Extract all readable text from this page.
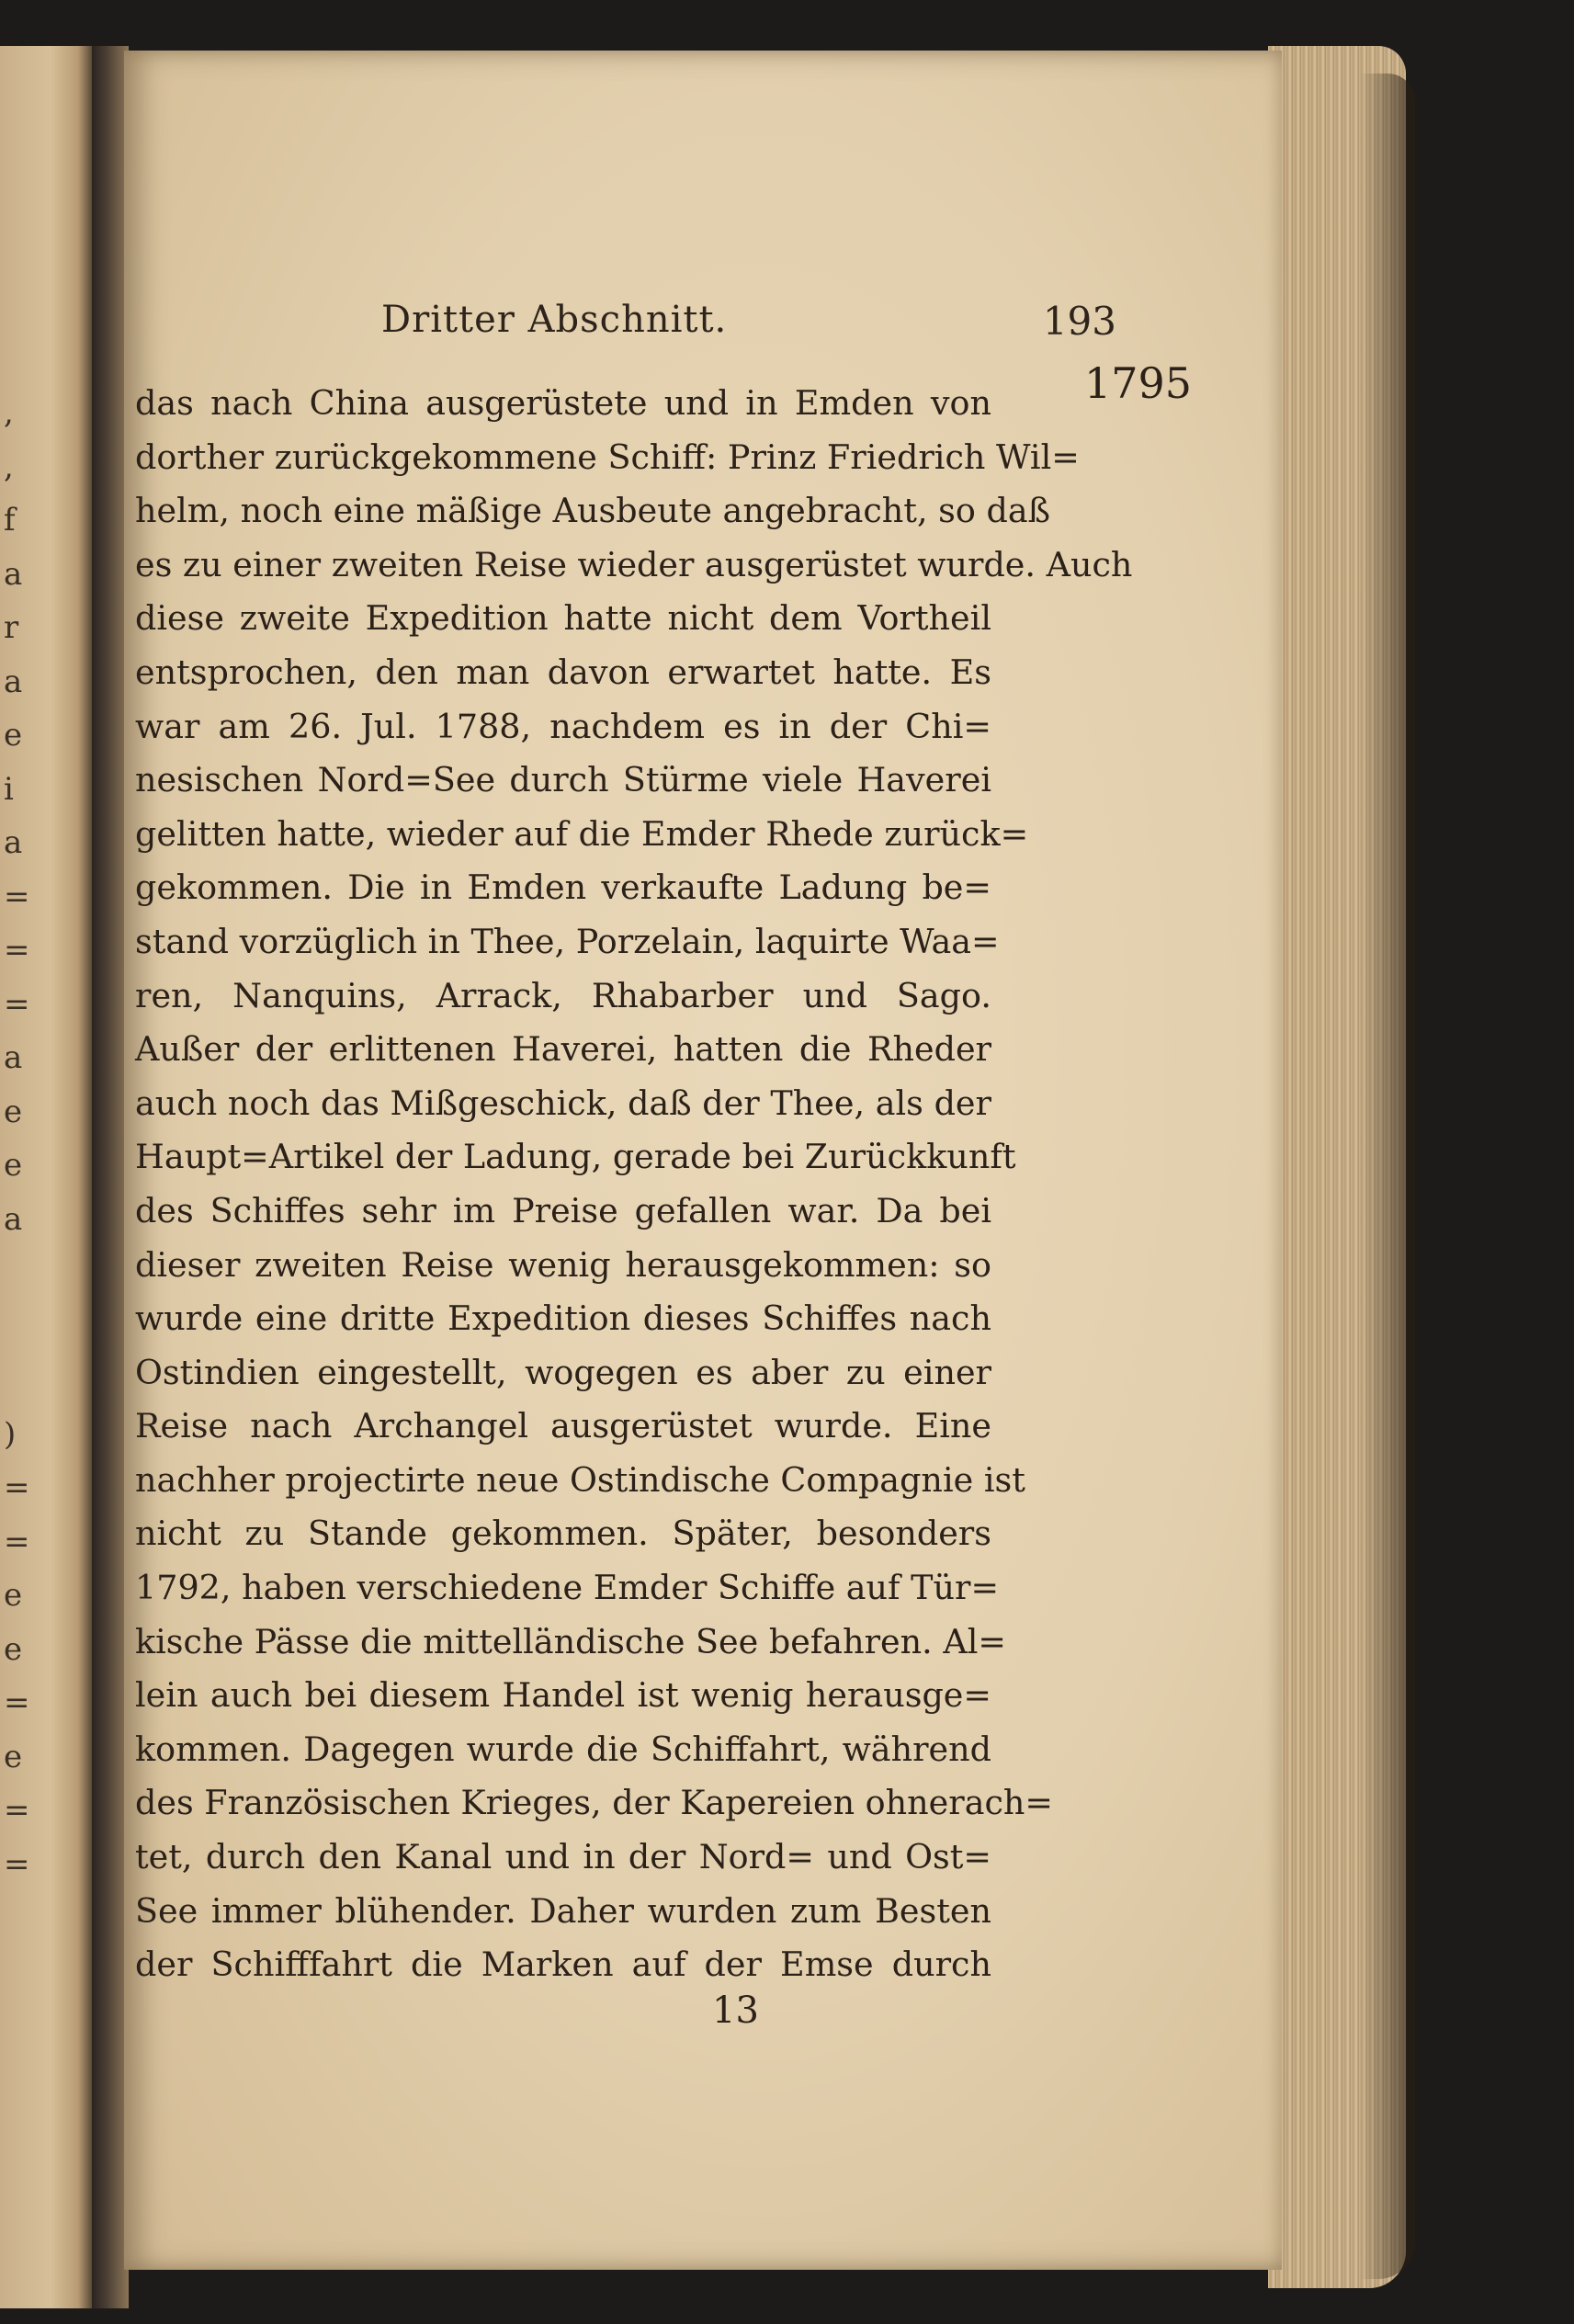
,
,
f
a
r
a
e
i
a
=
=
=
a
e
e
a
)
=
=
e
e
=
e
=
=
Dritter Abschnitt.	193
1795
das nach China ausgerüstete und in Emden von
dorther zurückgekommene Schiff: Prinz Friedrich Wil=
helm, noch eine mäßige Ausbeute angebracht, so daß
es zu einer zweiten Reise wieder ausgerüstet wurde. Auch
diese zweite Expedition hatte nicht dem Vortheil
entsprochen, den man davon erwartet hatte. Es
war am 26. Jul. 1788, nachdem es in der Chi=
nesischen Nord=See durch Stürme viele Haverei
gelitten hatte, wieder auf die Emder Rhede zurück=
gekommen. Die in Emden verkaufte Ladung be=
stand vorzüglich in Thee, Porzelain, laquirte Waa=
ren, Nanquins, Arrack, Rhabarber und Sago.
Außer der erlittenen Haverei, hatten die Rheder
auch noch das Mißgeschick, daß der Thee, als der
Haupt=Artikel der Ladung, gerade bei Zurückkunft
des Schiffes sehr im Preise gefallen war. Da bei
dieser zweiten Reise wenig herausgekommen: so
wurde eine dritte Expedition dieses Schiffes nach
Ostindien eingestellt, wogegen es aber zu einer
Reise nach Archangel ausgerüstet wurde. Eine
nachher projectirte neue Ostindische Compagnie ist
nicht zu Stande gekommen. Später, besonders
1792, haben verschiedene Emder Schiffe auf Tür=
kische Pässe die mittelländische See befahren. Al=
lein auch bei diesem Handel ist wenig herausge=
kommen. Dagegen wurde die Schiffahrt, während
des Französischen Krieges, der Kapereien ohnerach=
tet, durch den Kanal und in der Nord= und Ost=
See immer blühender. Daher wurden zum Besten
der Schifffahrt die Marken auf der Emse durch
13
